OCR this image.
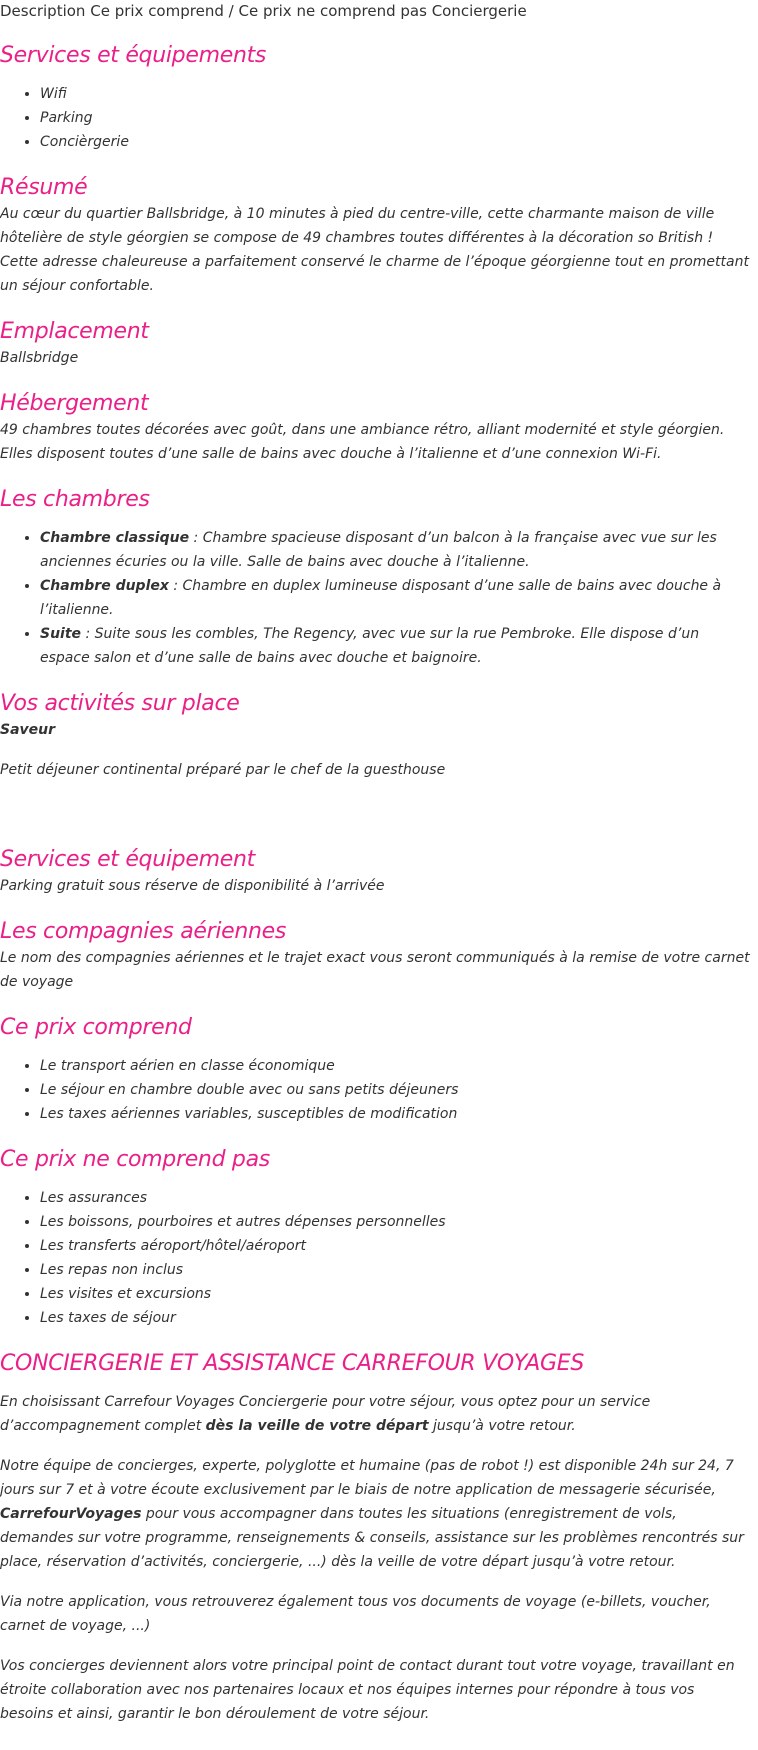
Description Ce prix comprend / Ce prix ne comprend pas Conciergerie
Services et équipements
• Wifi
• Parking
• Concièrgerie
Résumé

Au cœur du quartier Ballsbridge, à 10 minutes à pied du centre-ville, cette charmante maison de ville hôtelière de style géorgien se compose de 49 chambres toutes différentes à la décoration so British ! Cette adresse chaleureuse a parfaitement conservé le charme de l’époque géorgienne tout en promettant un séjour confortable.

Emplacement

Ballsbridge

Hébergement

49 chambres toutes décorées avec goût, dans une ambiance rétro, alliant modernité et style géorgien. Elles disposent toutes d’une salle de bains avec douche à l’italienne et d’une connexion Wi-Fi.

Les chambres
• Chambre classique : Chambre spacieuse disposant d’un balcon à la française avec vue sur les anciennes écuries ou la ville. Salle de bains avec douche à l’italienne.
• Chambre duplex : Chambre en duplex lumineuse disposant d’une salle de bains avec douche à l’italienne.
• Suite : Suite sous les combles, The Regency, avec vue sur la rue Pembroke. Elle dispose d’un espace salon et d’une salle de bains avec douche et baignoire.
Vos activités sur place

Saveur

Petit déjeuner continental préparé par le chef de la guesthouse

Services et équipement

Parking gratuit sous réserve de disponibilité à l’arrivée

Les compagnies aériennes

Le nom des compagnies aériennes et le trajet exact vous seront communiqués à la remise de votre carnet de voyage

Ce prix comprend
• Le transport aérien en classe économique
• Le séjour en chambre double avec ou sans petits déjeuners
• Les taxes aériennes variables, susceptibles de modification
Ce prix ne comprend pas
• Les assurances
• Les boissons, pourboires et autres dépenses personnelles
• Les transferts aéroport/hôtel/aéroport
• Les repas non inclus
• Les visites et excursions
• Les taxes de séjour
CONCIERGERIE ET ASSISTANCE CARREFOUR VOYAGES

En choisissant Carrefour Voyages Conciergerie pour votre séjour, vous optez pour un service d’accompagnement complet dès la veille de votre départ jusqu’à votre retour.

Notre équipe de concierges, experte, polyglotte et humaine (pas de robot !) est disponible 24h sur 24, 7 jours sur 7 et à votre écoute exclusivement par le biais de notre application de messagerie sécurisée, CarrefourVoyages pour vous accompagner dans toutes les situations (enregistrement de vols, demandes sur votre programme, renseignements & conseils, assistance sur les problèmes rencontrés sur place, réservation d’activités, conciergerie, ...) dès la veille de votre départ jusqu’à votre retour.

Via notre application, vous retrouverez également tous vos documents de voyage (e-billets, voucher, carnet de voyage, ...)

Vos concierges deviennent alors votre principal point de contact durant tout votre voyage, travaillant en étroite collaboration avec nos partenaires locaux et nos équipes internes pour répondre à tous vos besoins et ainsi, garantir le bon déroulement de votre séjour.
